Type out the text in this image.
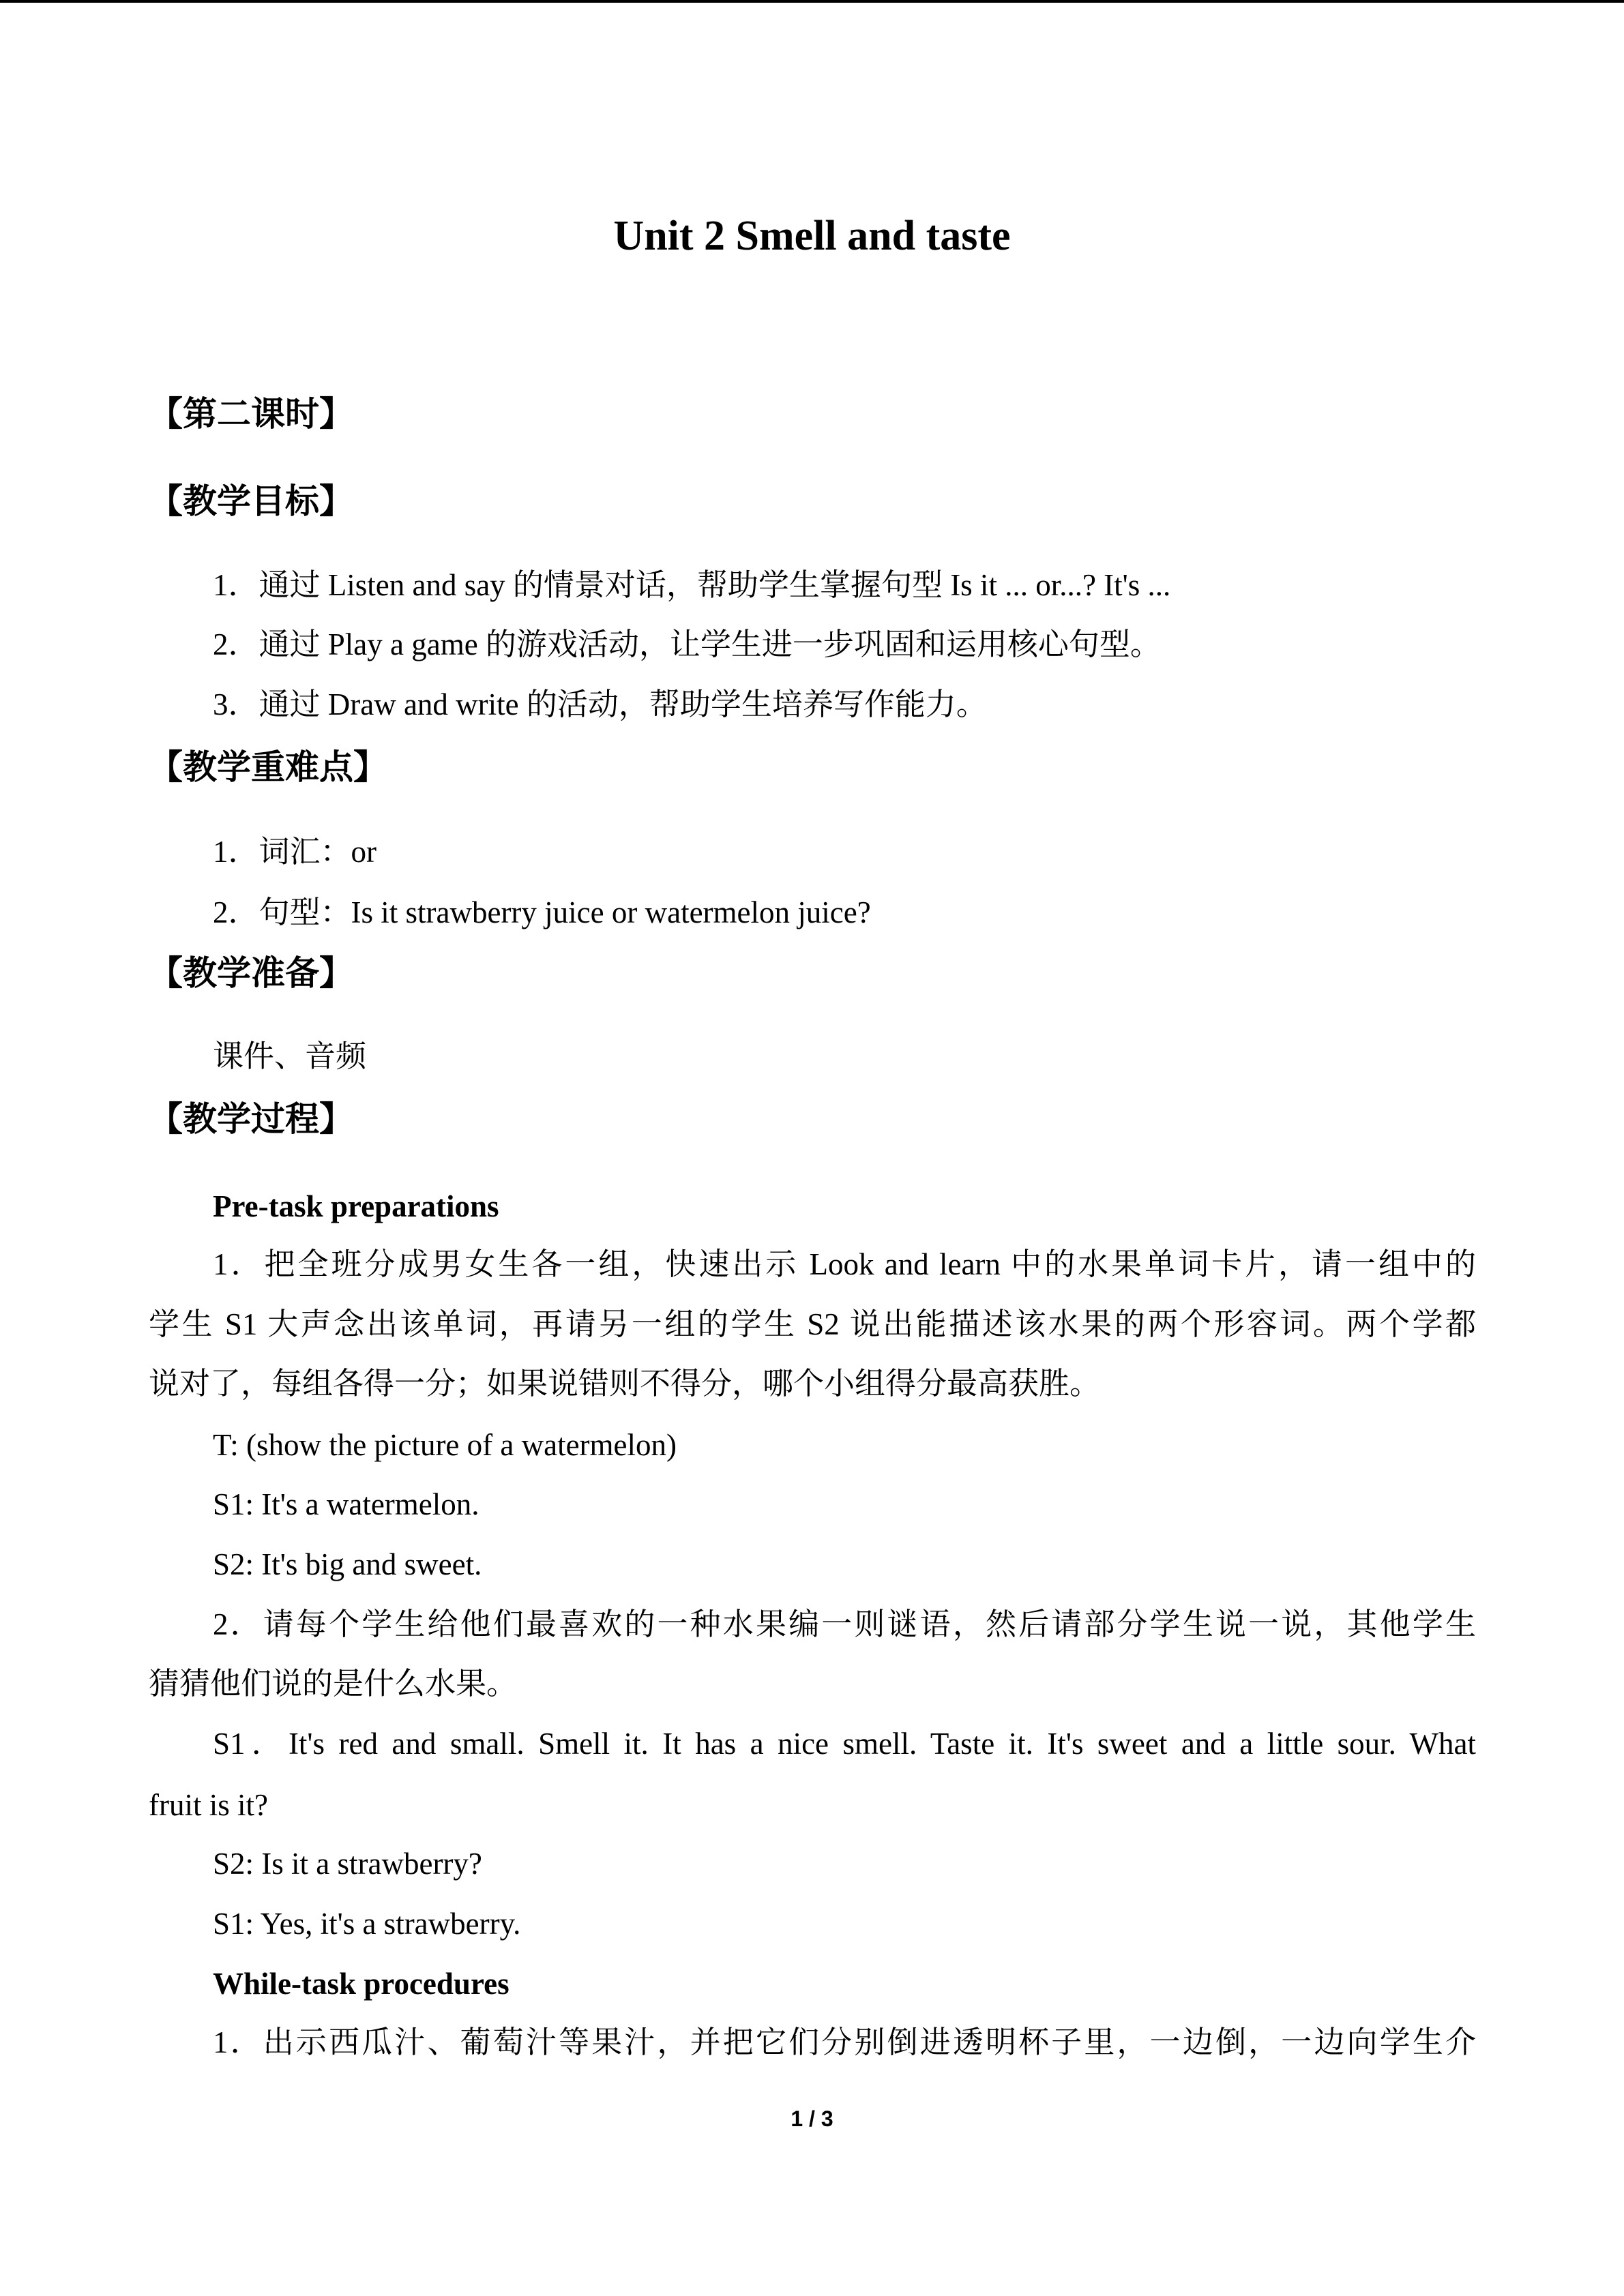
Unit 2 Smell and taste
【第二课时】
【教学目标】
1．通过 Listen and say 的情景对话，帮助学生掌握句型 Is it ... or...? It's ...
2．通过 Play a game 的游戏活动，让学生进一步巩固和运用核心句型。
3．通过 Draw and write 的活动，帮助学生培养写作能力。
【教学重难点】
1．词汇：or
2．句型：Is it strawberry juice or watermelon juice?
【教学准备】
课件、音频
【教学过程】
Pre-task preparations
1．把全班分成男女生各一组，快速出示 Look and learn 中的水果单词卡片，请一组中的
学生 S1 大声念出该单词，再请另一组的学生 S2 说出能描述该水果的两个形容词。两个学都
说对了，每组各得一分；如果说错则不得分，哪个小组得分最高获胜。
T: (show the picture of a watermelon)
S1: It's a watermelon.
S2: It's big and sweet.
2．请每个学生给他们最喜欢的一种水果编一则谜语，然后请部分学生说一说，其他学生
猜猜他们说的是什么水果。
S1．It's red and small. Smell it. It has a nice smell. Taste it. It's sweet and a little sour. What
fruit is it?
S2: Is it a strawberry?
S1: Yes, it's a strawberry.
While-task procedures
1．出示西瓜汁、葡萄汁等果汁，并把它们分别倒进透明杯子里，一边倒，一边向学生介
1 / 3
